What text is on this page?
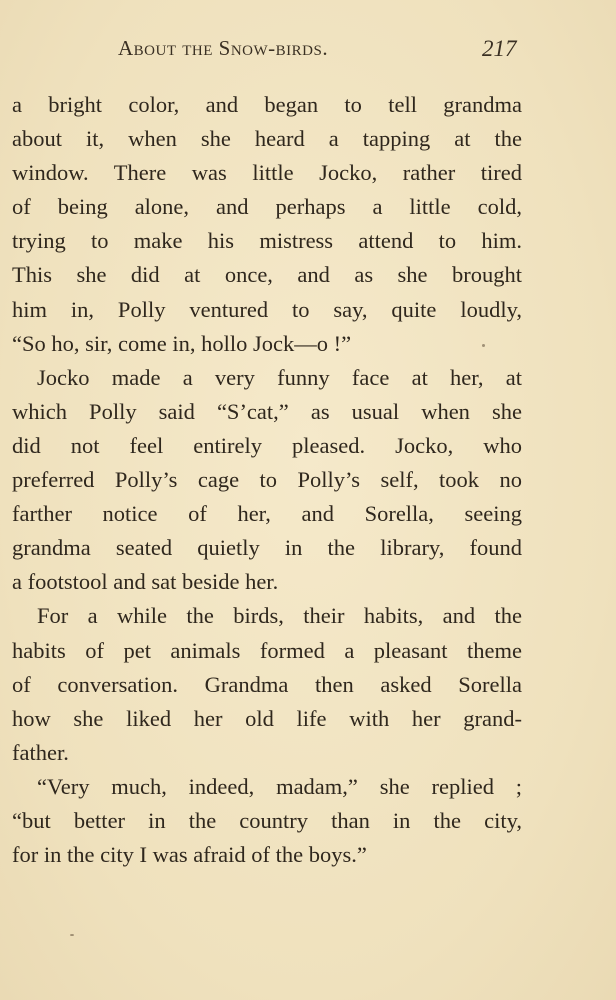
About the Snow-birds.	217
a bright color, and began to tell grandma
about it, when she heard a tapping at the
window. There was little Jocko, rather tired
of being alone, and perhaps a little cold,
trying to make his mistress attend to him.
This she did at once, and as she brought
him in, Polly ventured to say, quite loudly,
“So ho, sir, come in, hollo Jock—o !”
Jocko made a very funny face at her, at
which Polly said “S’cat,” as usual when she
did not feel entirely pleased. Jocko, who
preferred Polly’s cage to Polly’s self, took no
farther notice of her, and Sorella, seeing
grandma seated quietly in the library, found
a footstool and sat beside her.
For a while the birds, their habits, and the
habits of pet animals formed a pleasant theme
of conversation. Grandma then asked Sorella
how she liked her old life with her grand-
father.
“Very much, indeed, madam,” she replied ;
“but better in the country than in the city,
for in the city I was afraid of the boys.”
